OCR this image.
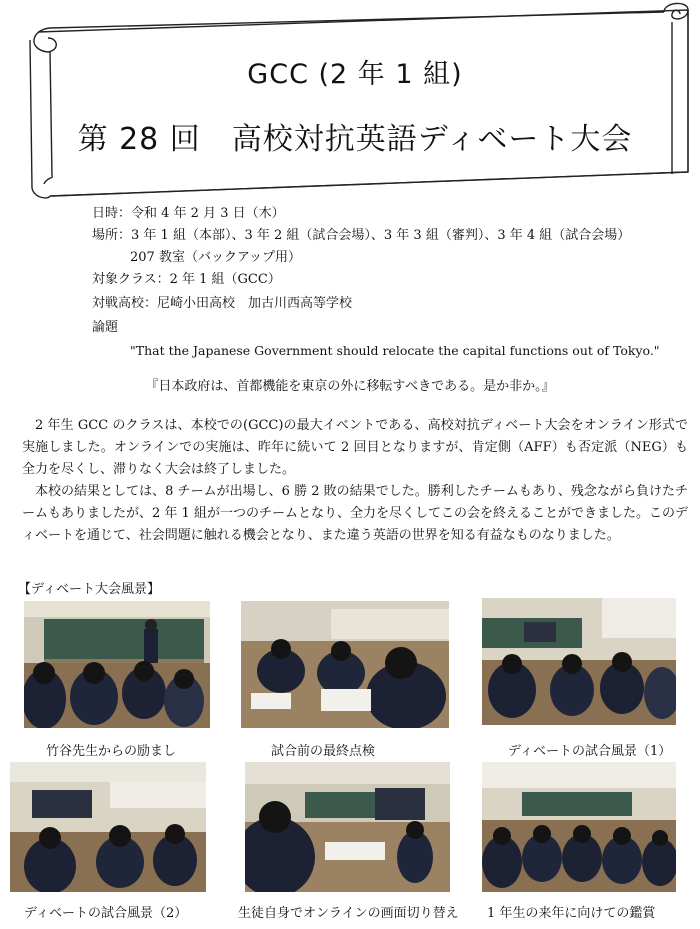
GCC (2 年 1 組)
第 28 回　高校対抗英語ディベート大会
日時：令和 4 年 2 月 3 日（木）
場所：3 年 1 組（本部）、3 年 2 組（試合会場）、3 年 3 組（審判）、3 年 4 組（試合会場）
207 教室（バックアップ用）
対象クラス：2 年 1 組（GCC）
対戦高校：尼崎小田高校　加古川西高等学校
論題
"That the Japanese Government should relocate the capital functions out of Tokyo."
『日本政府は、首都機能を東京の外に移転すべきである。是か非か。』

2 年生 GCC のクラスは、本校での(GCC)の最大イベントである、高校対抗ディベート大会をオンライン形式で実施しました。オンラインでの実施は、昨年に続いて 2 回目となりますが、肯定側（AFF）も否定派（NEG）も全力を尽くし、滞りなく大会は終了しました。

本校の結果としては、8 チームが出場し、6 勝 2 敗の結果でした。勝利したチームもあり、残念ながら負けたチームもありましたが、2 年 1 組が一つのチームとなり、全力を尽くしてこの会を終えることができました。このディベートを通じて、社会問題に触れる機会となり、また違う英語の世界を知る有益なものなりました。

【ディベート大会風景】
竹谷先生からの励まし	試合前の最終点検	ディベートの試合風景（1）
ディベートの試合風景（2）	生徒自身でオンラインの画面切り替え 1 年生の来年に向けての鑑賞
